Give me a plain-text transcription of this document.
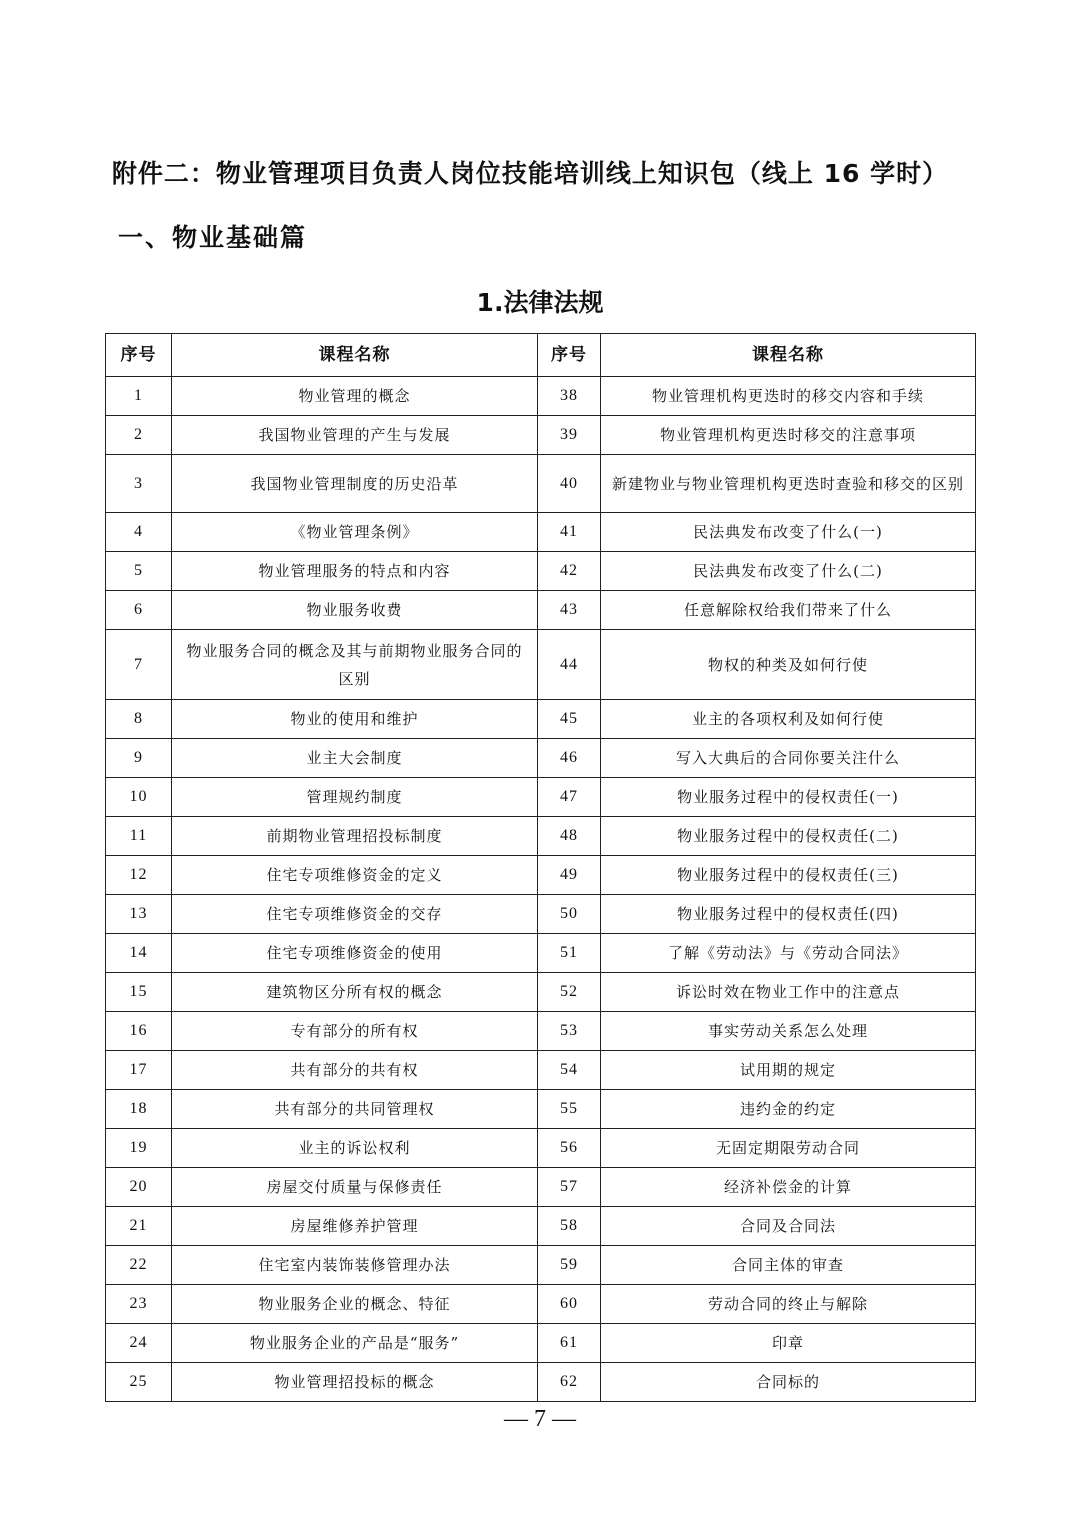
附件二：物业管理项目负责人岗位技能培训线上知识包（线上 16 学时）
一、物业基础篇
1.法律法规
序号	课程名称	序号	课程名称
1	物业管理的概念	38	物业管理机构更迭时的移交内容和手续
2	我国物业管理的产生与发展	39	物业管理机构更迭时移交的注意事项
3	我国物业管理制度的历史沿革	40	新建物业与物业管理机构更迭时查验和移交的区别
4	《物业管理条例》	41	民法典发布改变了什么(一)
5	物业管理服务的特点和内容	42	民法典发布改变了什么(二)
6	物业服务收费	43	任意解除权给我们带来了什么
7	物业服务合同的概念及其与前期物业服务合同的区别	44	物权的种类及如何行使
8	物业的使用和维护	45	业主的各项权利及如何行使
9	业主大会制度	46	写入大典后的合同你要关注什么
10	管理规约制度	47	物业服务过程中的侵权责任(一)
11	前期物业管理招投标制度	48	物业服务过程中的侵权责任(二)
12	住宅专项维修资金的定义	49	物业服务过程中的侵权责任(三)
13	住宅专项维修资金的交存	50	物业服务过程中的侵权责任(四)
14	住宅专项维修资金的使用	51	了解《劳动法》与《劳动合同法》
15	建筑物区分所有权的概念	52	诉讼时效在物业工作中的注意点
16	专有部分的所有权	53	事实劳动关系怎么处理
17	共有部分的共有权	54	试用期的规定
18	共有部分的共同管理权	55	违约金的约定
19	业主的诉讼权利	56	无固定期限劳动合同
20	房屋交付质量与保修责任	57	经济补偿金的计算
21	房屋维修养护管理	58	合同及合同法
22	住宅室内装饰装修管理办法	59	合同主体的审查
23	物业服务企业的概念、特征	60	劳动合同的终止与解除
24	物业服务企业的产品是“服务”	61	印章
25	物业管理招投标的概念	62	合同标的
— 7 —
